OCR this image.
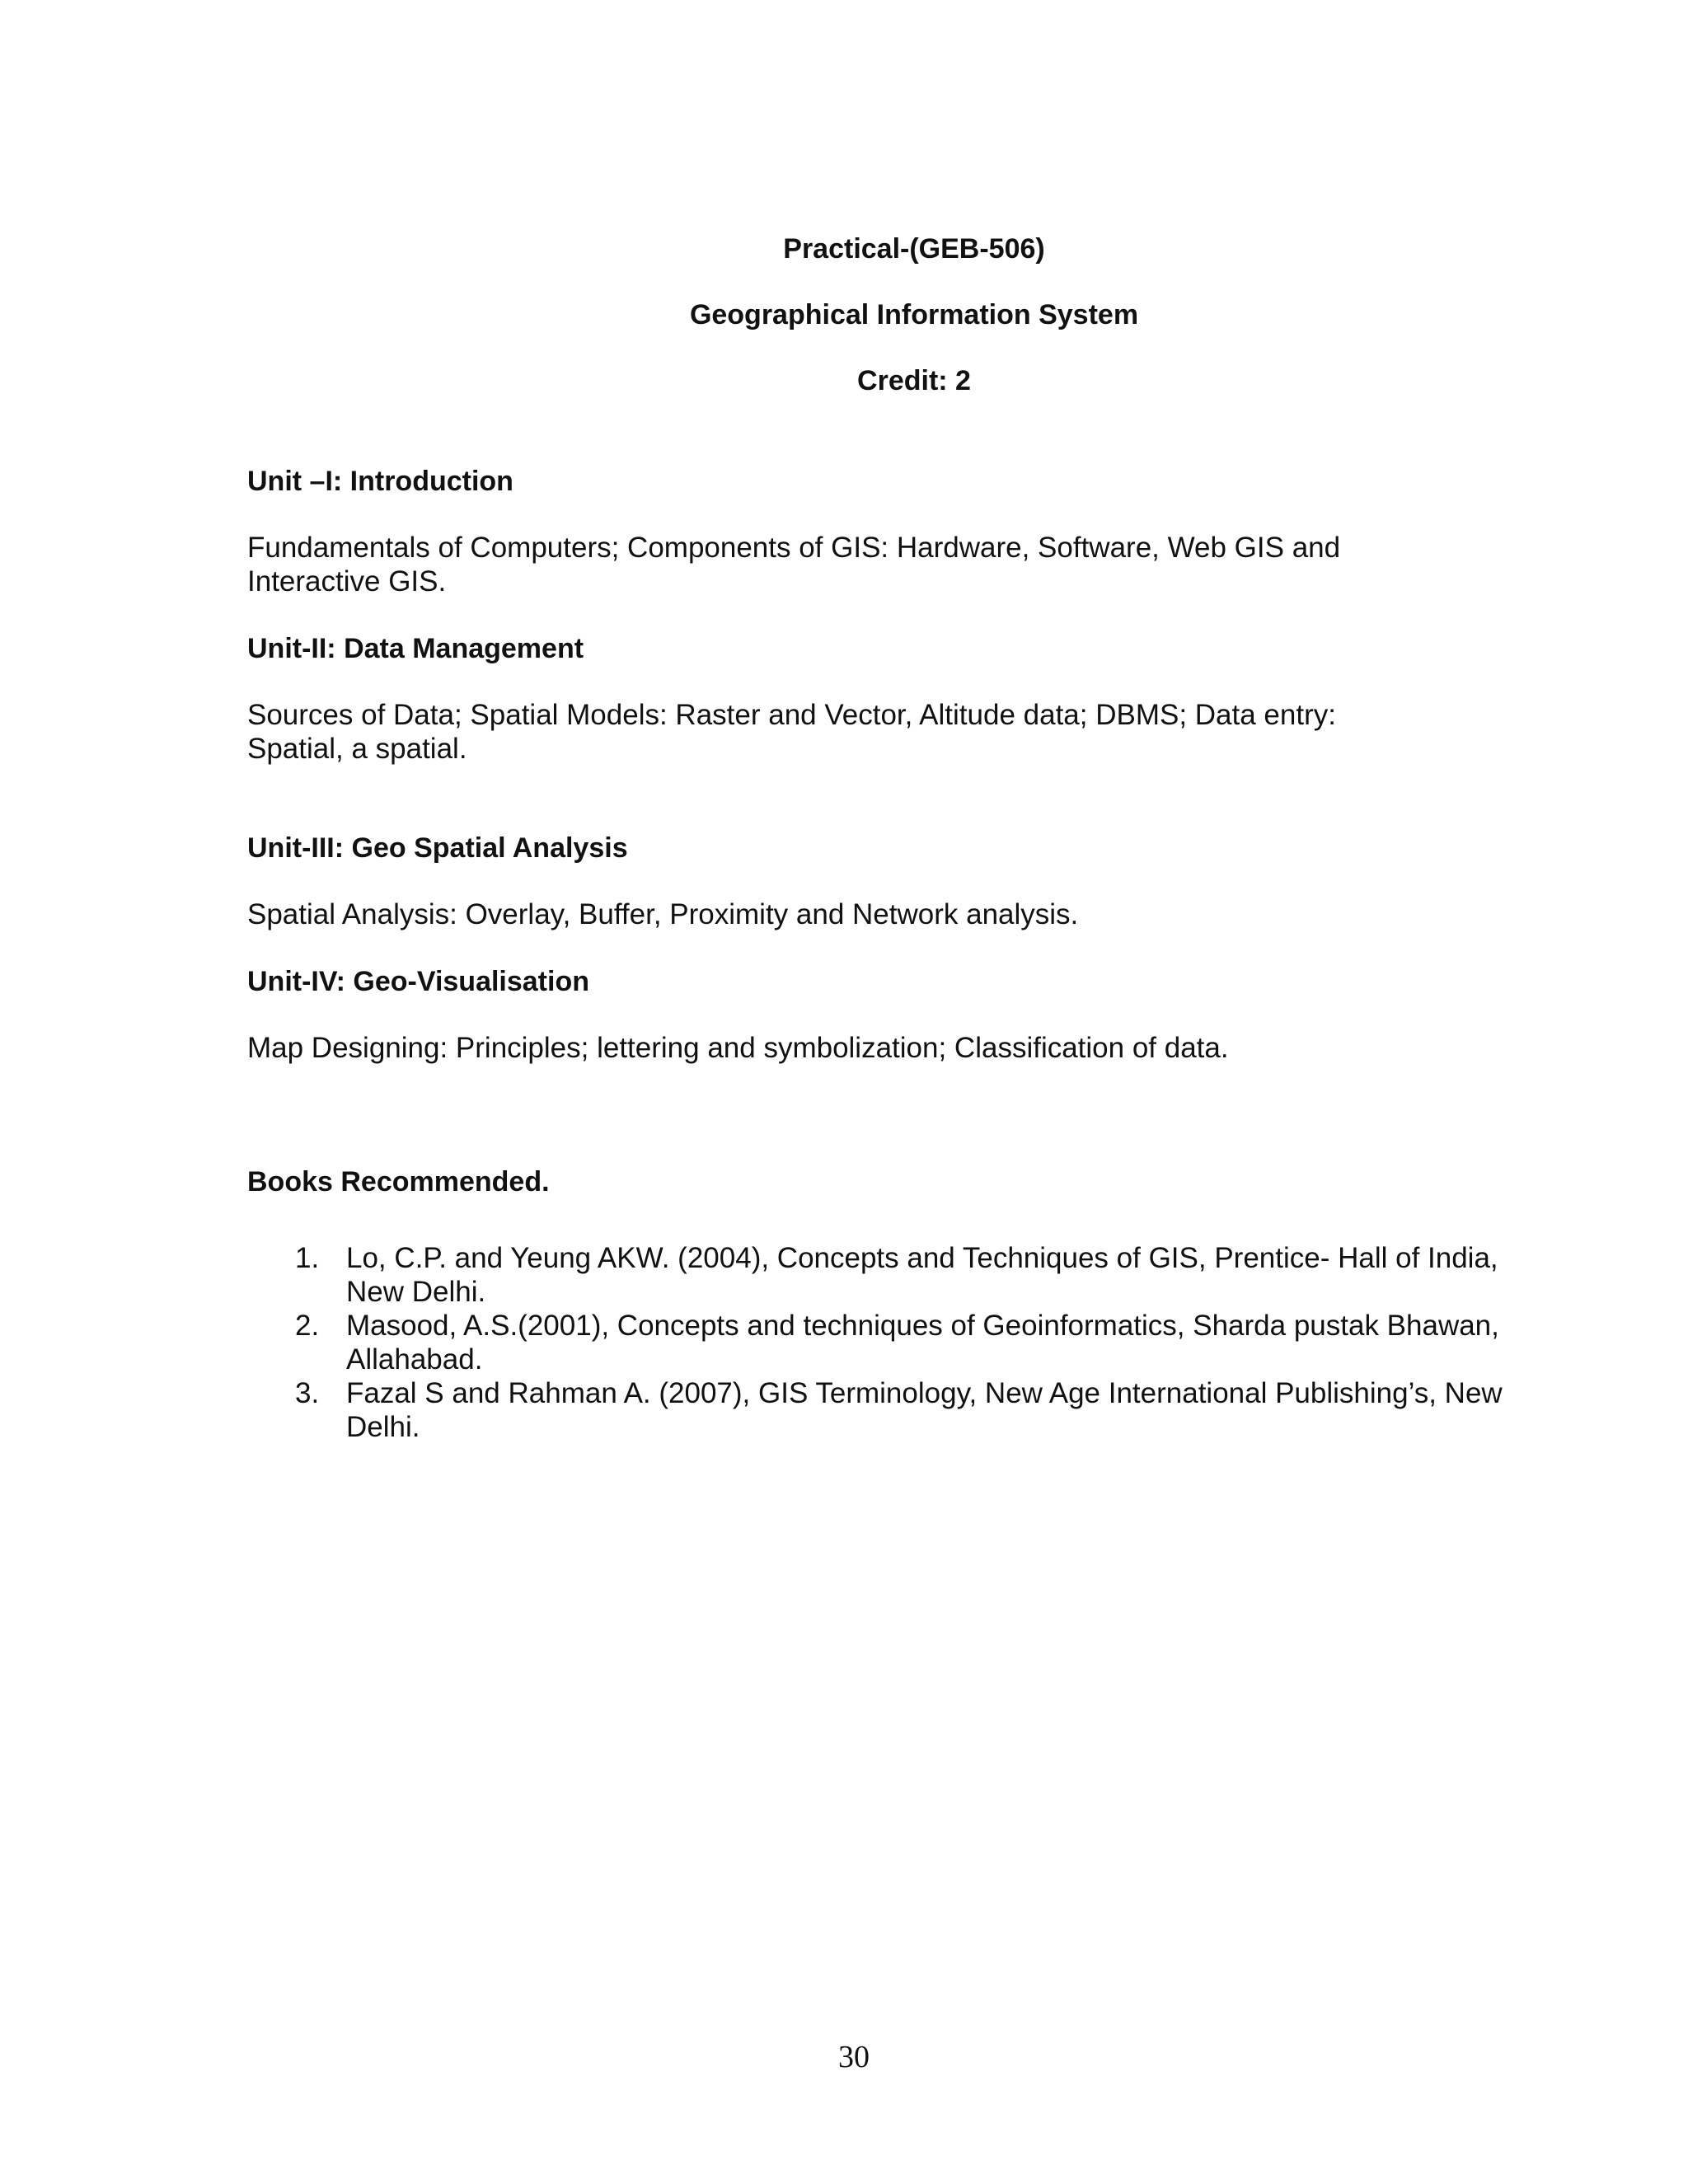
Practical-(GEB-506)
Geographical Information System
Credit: 2
Unit –I: Introduction
Fundamentals of Computers; Components of GIS: Hardware, Software, Web GIS and Interactive GIS.
Unit-II: Data Management
Sources of Data; Spatial Models: Raster and Vector, Altitude data; DBMS; Data entry: Spatial, a spatial.
Unit-III: Geo Spatial Analysis
Spatial Analysis: Overlay, Buffer, Proximity and Network analysis.
Unit-IV: Geo-Visualisation
Map Designing: Principles; lettering and symbolization; Classification of data.
Books Recommended.
1. Lo, C.P. and Yeung AKW. (2004), Concepts and Techniques of GIS, Prentice- Hall of India, New Delhi.
2. Masood, A.S.(2001), Concepts and techniques of Geoinformatics, Sharda pustak Bhawan, Allahabad.
3. Fazal S and Rahman A. (2007), GIS Terminology, New Age International Publishing’s, New Delhi.
30
